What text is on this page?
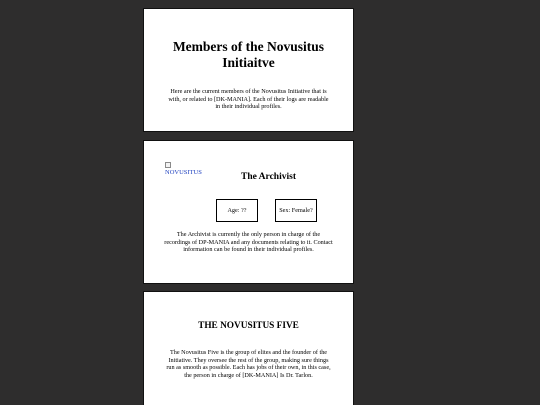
Members of the Novusitus Initiaitve
Here are the current members of the Novusitus Initiative that is with, or related to [DK-MANIA]. Each of their logs are readable in their individual profiles.
NOVUSITUS	The Archivist
Age: ??	Sex: Female?
The Archivist is currently the only person in charge of the recordings of DP-MANIA and any documents relating to it. Contact information can be found in their individual profiles.
THE NOVUSITUS FIVE
The Novusitus Five is the group of elites and the founder of the Initiative. They oversee the rest of the group, making sure things run as smooth as possible. Each has jobs of their own, in this case, the person in charge of [DK-MANIA] Is Dr. Tarlon.
